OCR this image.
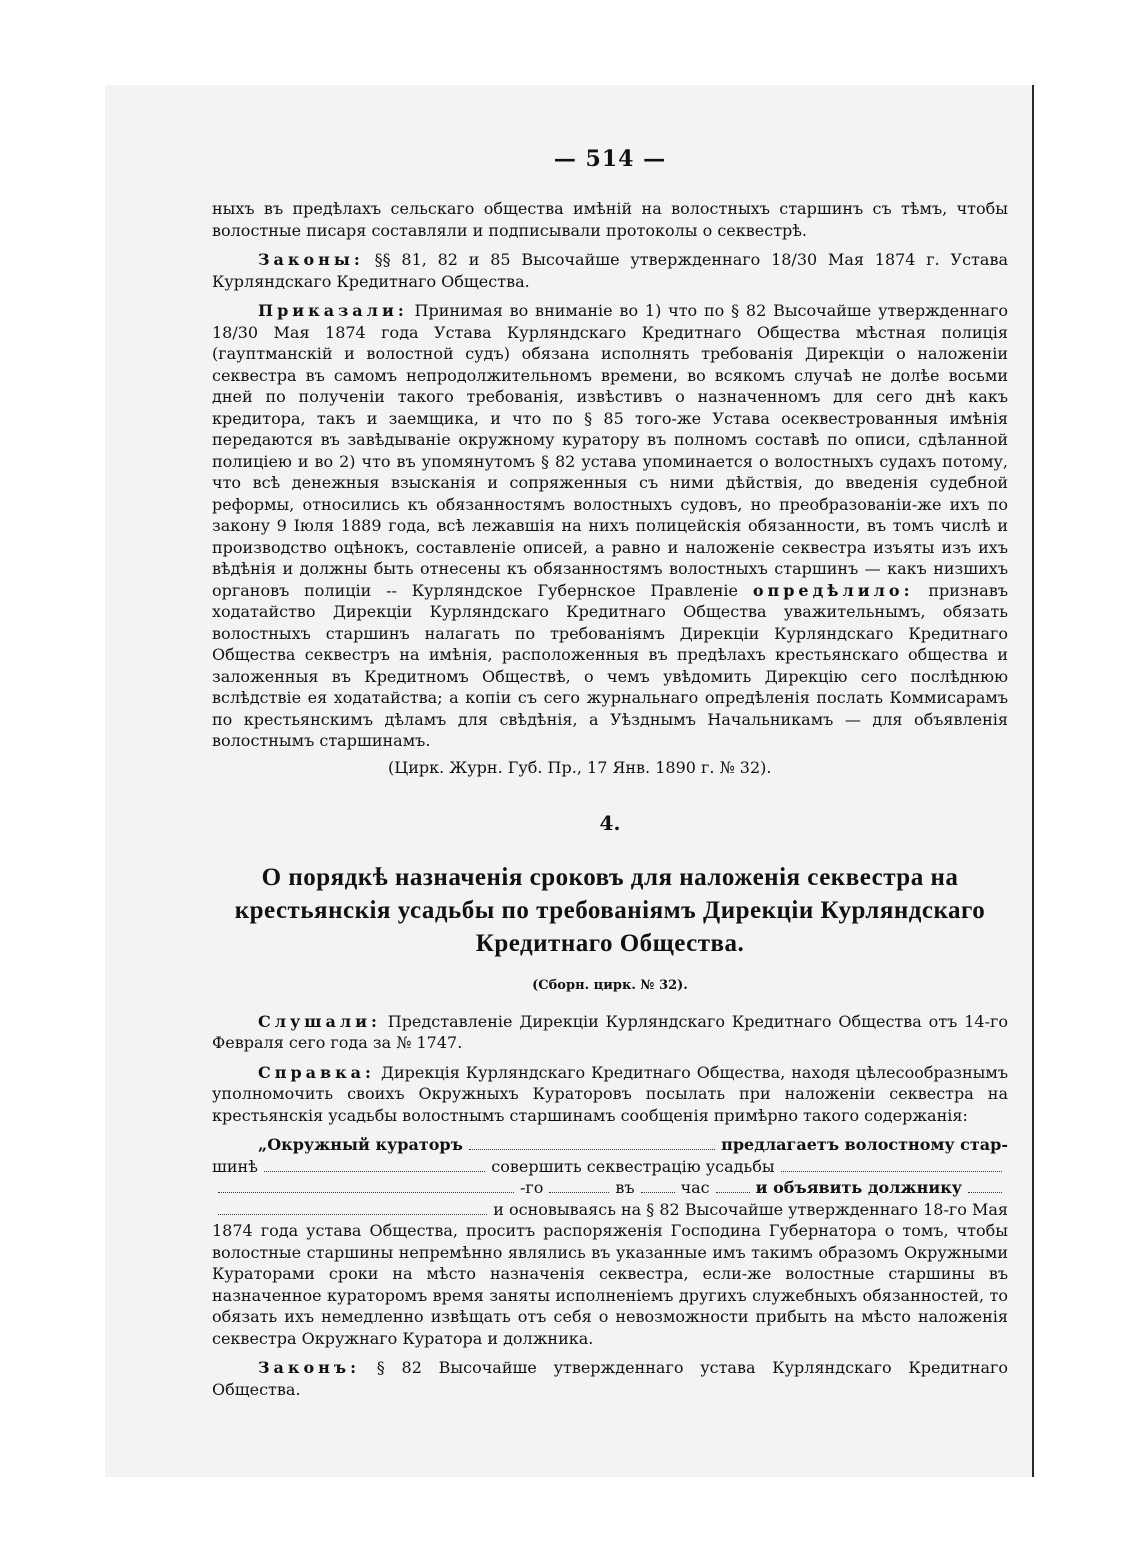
— 514 —

ныхъ въ предѣлахъ сельскаго общества имѣній на волостныхъ старшинъ съ тѣмъ, чтобы волостные писаря составляли и подписывали протоколы о секвестрѣ.

Законы: §§ 81, 82 и 85 Высочайше утвержденнаго 18/30 Мая 1874 г. Устава Курляндскаго Кредитнаго Общества.

Приказали: Принимая во вниманіе во 1) что по § 82 Высочайше утвержденнаго 18/30 Мая 1874 года Устава Курляндскаго Кредитнаго Общества мѣстная полиція (гауптманскій и волостной судъ) обязана исполнять требованія Дирекціи о наложеніи секвестра въ самомъ непродолжительномъ времени, во всякомъ случаѣ не долѣе восьми дней по полученіи такого требованія, извѣстивъ о назначенномъ для сего днѣ какъ кредитора, такъ и заемщика, и что по § 85 того-же Устава осеквестрованныя имѣнія передаются въ завѣдываніе окружному куратору въ полномъ составѣ по описи, сдѣланной полиціею и во 2) что въ упомянутомъ § 82 устава упоминается о волостныхъ судахъ потому, что всѣ денежныя взысканія и сопряженныя съ ними дѣйствія, до введенія судебной реформы, относились къ обязанностямъ волостныхъ судовъ, но преобразованіи-же ихъ по закону 9 Іюля 1889 года, всѣ лежавшія на нихъ полицейскія обязанности, въ томъ числѣ и производство оцѣнокъ, составленіе описей, а равно и наложеніе секвестра изъяты изъ ихъ вѣдѣнія и должны быть отнесены къ обязанностямъ волостныхъ старшинъ — какъ низшихъ органовъ полиціи -- Курляндское Губернское Правленіе опредѣлило: признавъ ходатайство Дирекціи Курляндскаго Кредитнаго Общества уважительнымъ, обязать волостныхъ старшинъ налагать по требованіямъ Дирекціи Курляндскаго Кредитнаго Общества секвестръ на имѣнія, расположенныя въ предѣлахъ крестьянскаго общества и заложенныя въ Кредитномъ Обществѣ, о чемъ увѣдомить Дирекцію сего послѣднюю вслѣдствіе ея ходатайства; а копіи съ сего журнальнаго опредѣленія послать Коммисарамъ по крестьянскимъ дѣламъ для свѣдѣнія, а Уѣзднымъ Начальникамъ — для объявленія волостнымъ старшинамъ.

(Цирк. Журн. Губ. Пр., 17 Янв. 1890 г. № 32).

4.

О порядкѣ назначенія сроковъ для наложенія секвестра на крестьянскія усадьбы по требованіямъ Дирекціи Курляндскаго Кредитнаго Общества.

(Сборн. цирк. № 32).

Слушали: Представленіе Дирекціи Курляндскаго Кредитнаго Общества отъ 14-го Февраля сего года за № 1747.

Справка: Дирекція Курляндскаго Кредитнаго Общества, находя цѣлесообразнымъ уполномочить своихъ Окружныхъ Кураторовъ посылать при наложеніи секвестра на крестьянскія усадьбы волостнымъ старшинамъ сообщенія примѣрно такого содержанія:

„Окружный кураторъ	предлагаетъ волостному стар-
шинѣ	совершить секвестрацію усадьбы
-го	въ	час	и объявить должнику
и основываясь на § 82 Высочайше утвержденнаго 18-го Мая

1874 года устава Общества, проситъ распоряженія Господина Губернатора о томъ, чтобы волостные старшины непремѣнно являлись въ указанные имъ такимъ образомъ Окружными Кураторами сроки на мѣсто назначенія секвестра, если-же волостные старшины въ назначенное кураторомъ время заняты исполненіемъ другихъ служебныхъ обязанностей, то обязать ихъ немедленно извѣщать отъ себя о невозможности прибыть на мѣсто наложенія секвестра Окружнаго Куратора и должника.

Законъ: § 82 Высочайше утвержденнаго устава Курляндскаго Кредитнаго Общества.
